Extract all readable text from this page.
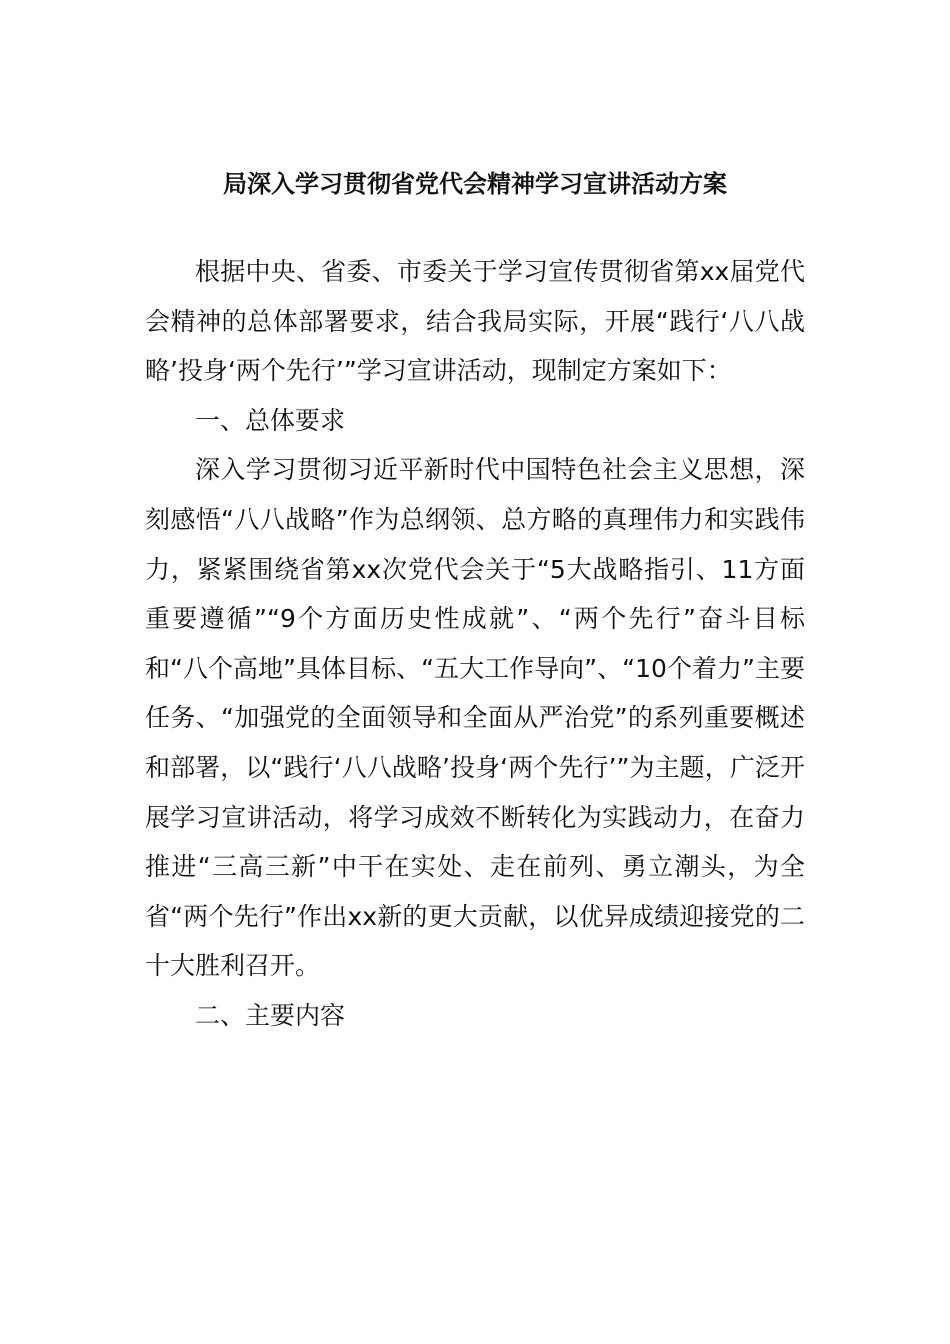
局深入学习贯彻省党代会精神学习宣讲活动方案

根据中央、省委、市委关于学习宣传贯彻省第xx届党代会精神的总体部署要求，结合我局实际，开展“践行‘八八战略’投身‘两个先行’”学习宣讲活动，现制定方案如下：

一、总体要求

深入学习贯彻习近平新时代中国特色社会主义思想，深刻感悟“八八战略”作为总纲领、总方略的真理伟力和实践伟力，紧紧围绕省第xx次党代会关于“5大战略指引、11方面重要遵循”“9个方面历史性成就”、“两个先行”奋斗目标和“八个高地”具体目标、“五大工作导向”、“10个着力”主要任务、“加强党的全面领导和全面从严治党”的系列重要概述和部署，以“践行‘八八战略’投身‘两个先行’”为主题，广泛开展学习宣讲活动，将学习成效不断转化为实践动力，在奋力推进“三高三新”中干在实处、走在前列、勇立潮头，为全省“两个先行”作出xx新的更大贡献，以优异成绩迎接党的二十大胜利召开。

二、主要内容
